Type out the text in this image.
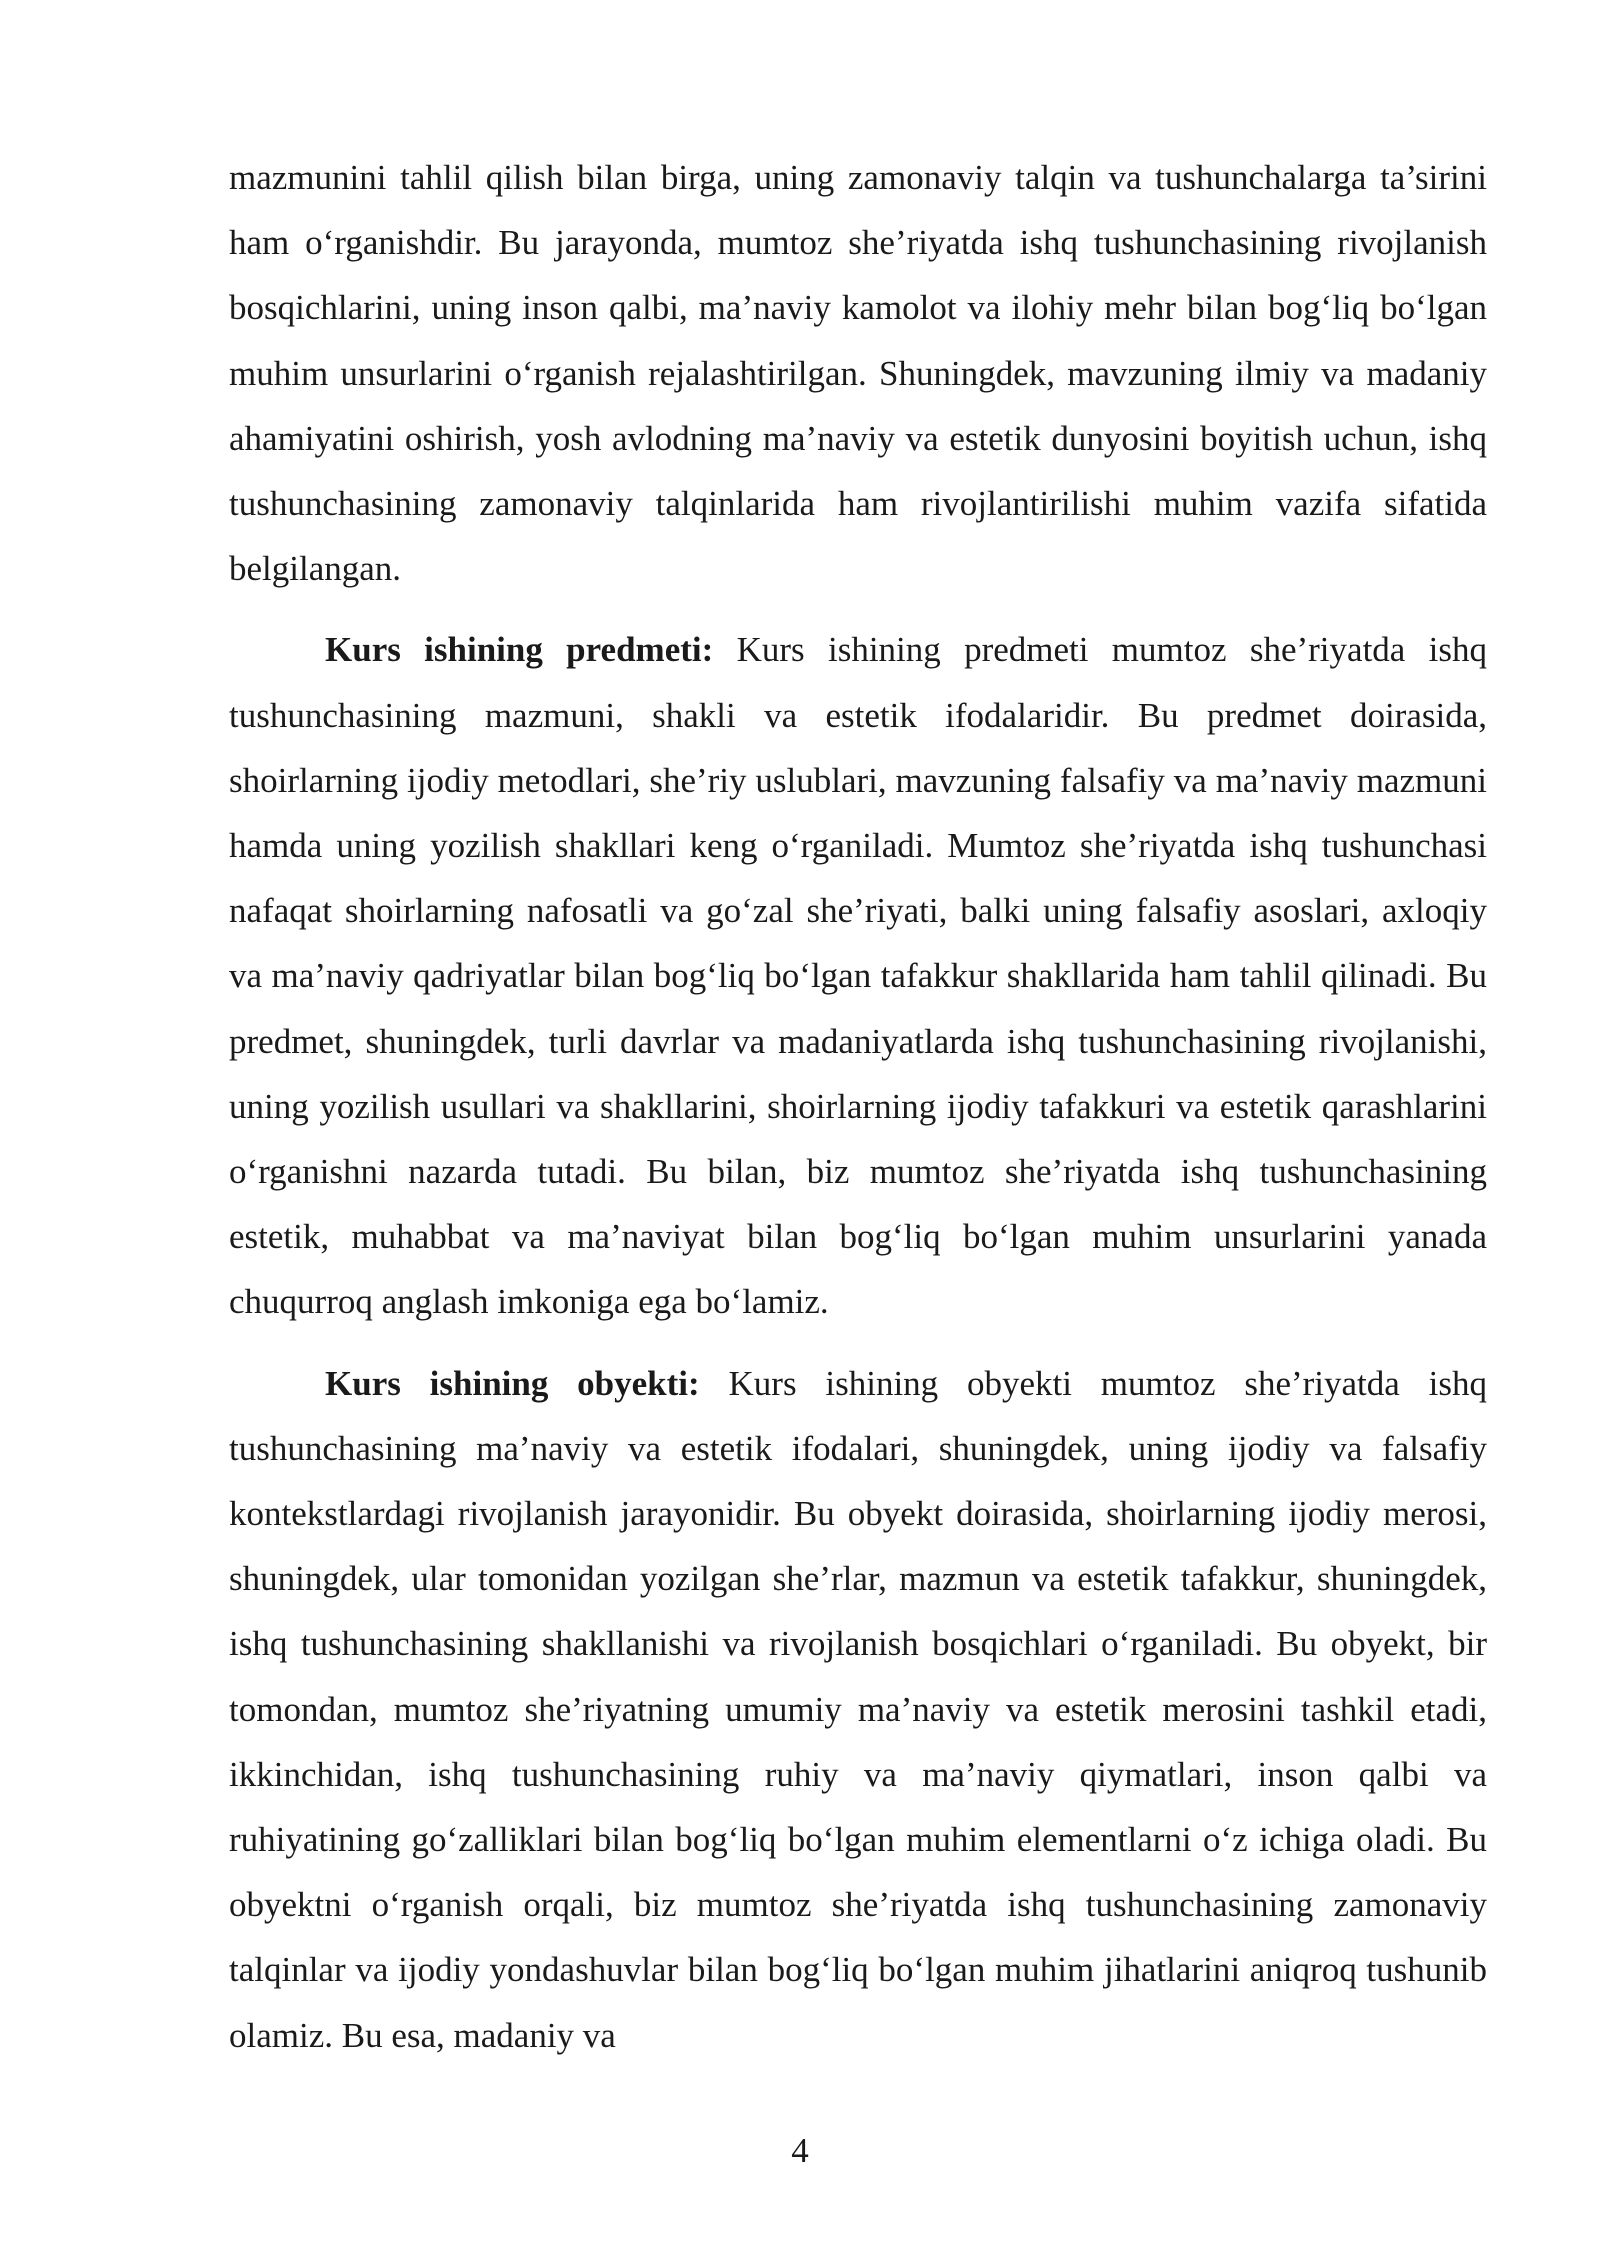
mazmunini tahlil qilish bilan birga, uning zamonaviy talqin va tushunchalarga ta’sirini ham o‘rganishdir. Bu jarayonda, mumtoz she’riyatda ishq tushunchasining rivojlanish bosqichlarini, uning inson qalbi, ma’naviy kamolot va ilohiy mehr bilan bog‘liq bo‘lgan muhim unsurlarini o‘rganish rejalashtirilgan. Shuningdek, mavzuning ilmiy va madaniy ahamiyatini oshirish, yosh avlodning ma’naviy va estetik dunyosini boyitish uchun, ishq tushunchasining zamonaviy talqinlarida ham rivojlantirilishi muhim vazifa sifatida belgilangan.

Kurs ishining predmeti: Kurs ishining predmeti mumtoz she’riyatda ishq tushunchasining mazmuni, shakli va estetik ifodalaridir. Bu predmet doirasida, shoirlarning ijodiy metodlari, she’riy uslublari, mavzuning falsafiy va ma’naviy mazmuni hamda uning yozilish shakllari keng o‘rganiladi. Mumtoz she’riyatda ishq tushunchasi nafaqat shoirlarning nafosatli va go‘zal she’riyati, balki uning falsafiy asoslari, axloqiy va ma’naviy qadriyatlar bilan bog‘liq bo‘lgan tafakkur shakllarida ham tahlil qilinadi. Bu predmet, shuningdek, turli davrlar va madaniyatlarda ishq tushunchasining rivojlanishi, uning yozilish usullari va shakllarini, shoirlarning ijodiy tafakkuri va estetik qarashlarini o‘rganishni nazarda tutadi. Bu bilan, biz mumtoz she’riyatda ishq tushunchasining estetik, muhabbat va ma’naviyat bilan bog‘liq bo‘lgan muhim unsurlarini yanada chuqurroq anglash imkoniga ega bo‘lamiz.

Kurs ishining obyekti: Kurs ishining obyekti mumtoz she’riyatda ishq tushunchasining ma’naviy va estetik ifodalari, shuningdek, uning ijodiy va falsafiy kontekstlardagi rivojlanish jarayonidir. Bu obyekt doirasida, shoirlarning ijodiy merosi, shuningdek, ular tomonidan yozilgan she’rlar, mazmun va estetik tafakkur, shuningdek, ishq tushunchasining shakllanishi va rivojlanish bosqichlari o‘rganiladi. Bu obyekt, bir tomondan, mumtoz she’riyatning umumiy ma’naviy va estetik merosini tashkil etadi, ikkinchidan, ishq tushunchasining ruhiy va ma’naviy qiymatlari, inson qalbi va ruhiyatining go‘zalliklari bilan bog‘liq bo‘lgan muhim elementlarni o‘z ichiga oladi. Bu obyektni o‘rganish orqali, biz mumtoz she’riyatda ishq tushunchasining zamonaviy talqinlar va ijodiy yondashuvlar bilan bog‘liq bo‘lgan muhim jihatlarini aniqroq tushunib olamiz. Bu esa, madaniy va

4
